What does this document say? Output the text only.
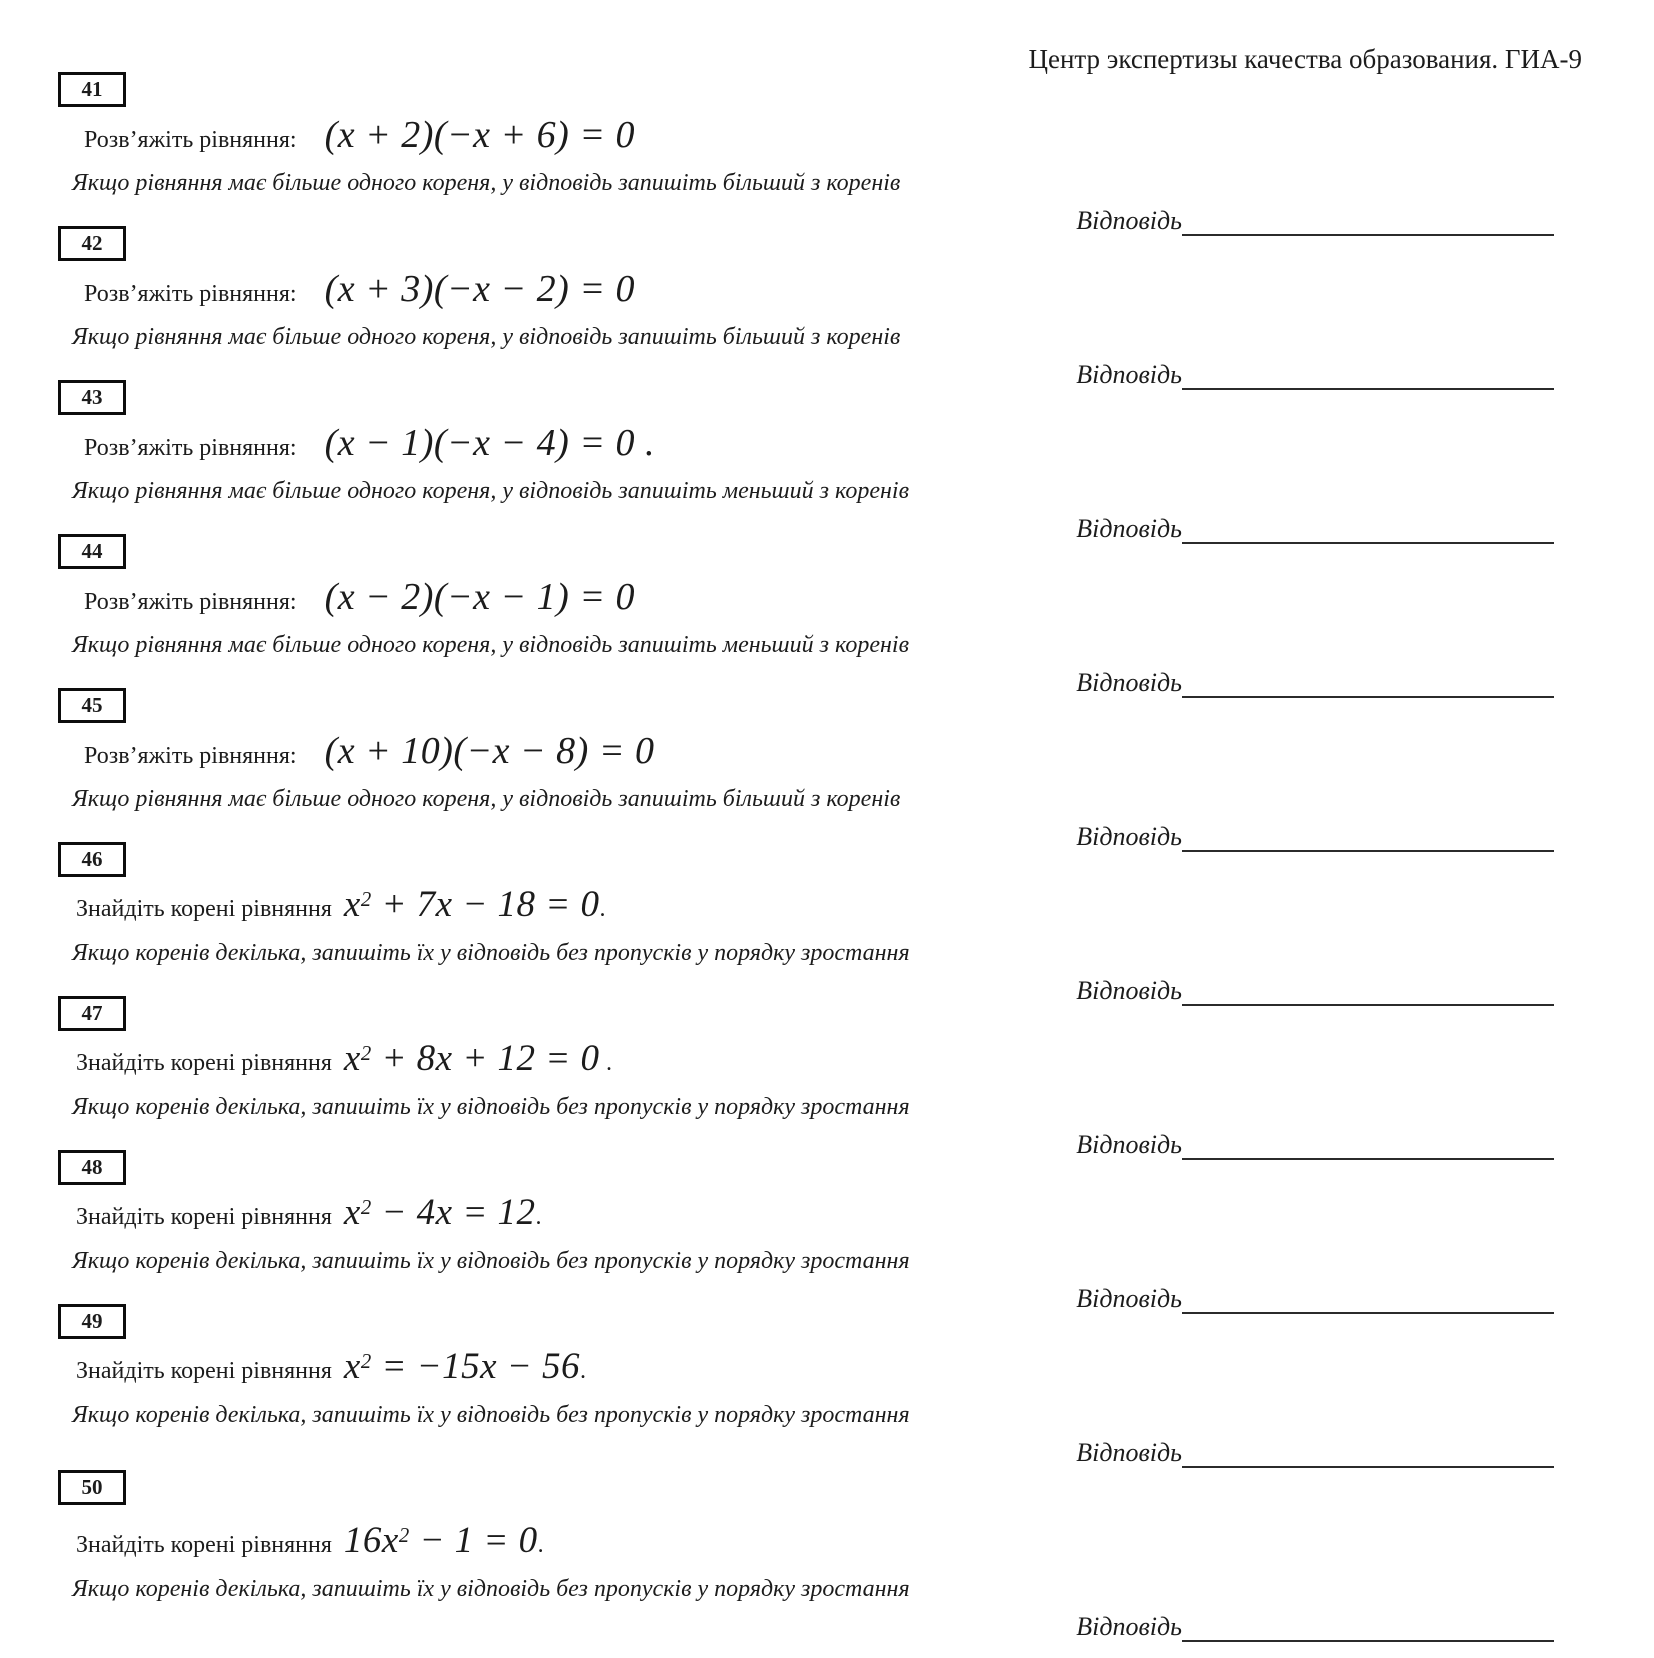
Центр экспертизы качества образования. ГИА-9
41
Розв’яжіть рівняння: (x + 2)(−x + 6) = 0
Якщо рівняння має більше одного кореня, у відповідь запишіть більший з коренів
Відповідь
42
Розв’яжіть рівняння: (x + 3)(−x − 2) = 0
Якщо рівняння має більше одного кореня, у відповідь запишіть більший з коренів
Відповідь
43
Розв’яжіть рівняння: (x − 1)(−x − 4) = 0 .
Якщо рівняння має більше одного кореня, у відповідь запишіть меньший з коренів
Відповідь
44
Розв’яжіть рівняння: (x − 2)(−x − 1) = 0
Якщо рівняння має більше одного кореня, у відповідь запишіть меньший з коренів
Відповідь
45
Розв’яжіть рівняння: (x + 10)(−x − 8) = 0
Якщо рівняння має більше одного кореня, у відповідь запишіть більший з коренів
Відповідь
46
Знайдіть корені рівняння $x^2 + 7x - 18 = 0$.
Якщо коренів декілька, запишіть їх у відповідь без пропусків у порядку зростання
Відповідь
47
Знайдіть корені рівняння $x^2 + 8x + 12 = 0$ .
Якщо коренів декілька, запишіть їх у відповідь без пропусків у порядку зростання
Відповідь
48
Знайдіть корені рівняння $x^2 - 4x = 12$.
Якщо коренів декілька, запишіть їх у відповідь без пропусків у порядку зростання
Відповідь
49
Знайдіть корені рівняння $x^2 = -15x - 56$.
Якщо коренів декілька, запишіть їх у відповідь без пропусків у порядку зростання
Відповідь
50
Знайдіть корені рівняння $16x^2 - 1 = 0$.
Якщо коренів декілька, запишіть їх у відповідь без пропусків у порядку зростання
Відповідь
